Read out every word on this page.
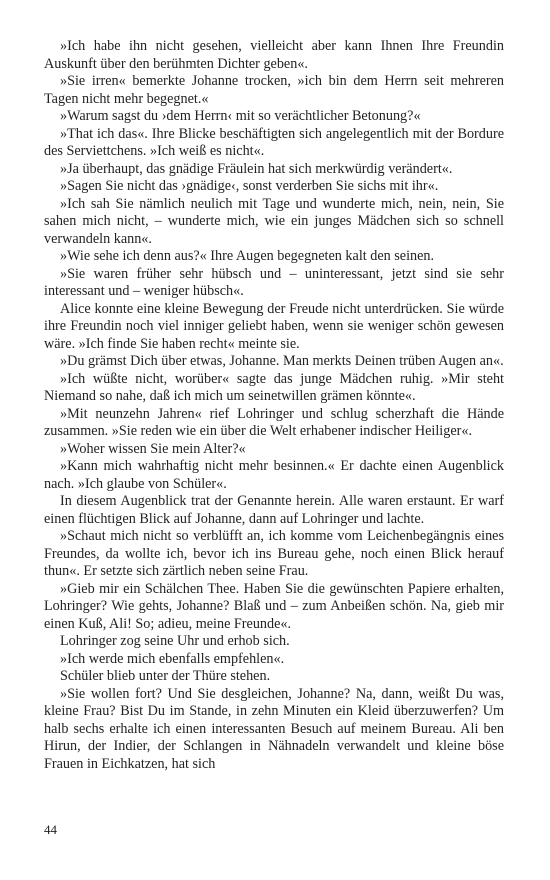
»Ich habe ihn nicht gesehen, vielleicht aber kann Ihnen Ihre Freundin Auskunft über den berühmten Dichter geben«.

»Sie irren« bemerkte Johanne trocken, »ich bin dem Herrn seit mehreren Tagen nicht mehr begegnet.«

»Warum sagst du ›dem Herrn‹ mit so verächtlicher Betonung?«

»That ich das«. Ihre Blicke beschäftigten sich angelegentlich mit der Bordure des Serviettchens. »Ich weiß es nicht«.

»Ja überhaupt, das gnädige Fräulein hat sich merkwürdig verändert«.

»Sagen Sie nicht das ›gnädige‹, sonst verderben Sie sichs mit ihr«.

»Ich sah Sie nämlich neulich mit Tage und wunderte mich, nein, nein, Sie sahen mich nicht, – wunderte mich, wie ein junges Mädchen sich so schnell verwandeln kann«.

»Wie sehe ich denn aus?« Ihre Augen begegneten kalt den seinen.

»Sie waren früher sehr hübsch und – uninteressant, jetzt sind sie sehr interessant und – weniger hübsch«.

Alice konnte eine kleine Bewegung der Freude nicht unterdrücken. Sie würde ihre Freundin noch viel inniger geliebt haben, wenn sie weniger schön gewesen wäre. »Ich finde Sie haben recht« meinte sie.

»Du grämst Dich über etwas, Johanne. Man merkts Deinen trüben Augen an«.

»Ich wüßte nicht, worüber« sagte das junge Mädchen ruhig. »Mir steht Niemand so nahe, daß ich mich um seinetwillen grämen könnte«.

»Mit neunzehn Jahren« rief Lohringer und schlug scherzhaft die Hände zusammen. »Sie reden wie ein über die Welt erhabener indischer Heiliger«.

»Woher wissen Sie mein Alter?«

»Kann mich wahrhaftig nicht mehr besinnen.« Er dachte einen Augenblick nach. »Ich glaube von Schüler«.

In diesem Augenblick trat der Genannte herein. Alle waren erstaunt. Er warf einen flüchtigen Blick auf Johanne, dann auf Lohringer und lachte.

»Schaut mich nicht so verblüfft an, ich komme vom Leichenbegängnis eines Freundes, da wollte ich, bevor ich ins Bureau gehe, noch einen Blick herauf thun«. Er setzte sich zärtlich neben seine Frau.

»Gieb mir ein Schälchen Thee. Haben Sie die gewünschten Papiere erhalten, Lohringer? Wie gehts, Johanne? Blaß und – zum Anbeißen schön. Na, gieb mir einen Kuß, Ali! So; adieu, meine Freunde«.

Lohringer zog seine Uhr und erhob sich.

»Ich werde mich ebenfalls empfehlen«.

Schüler blieb unter der Thüre stehen.

»Sie wollen fort? Und Sie desgleichen, Johanne? Na, dann, weißt Du was, kleine Frau? Bist Du im Stande, in zehn Minuten ein Kleid überzuwerfen? Um halb sechs erhalte ich einen interessanten Besuch auf meinem Bureau. Ali ben Hirun, der Indier, der Schlangen in Nähnadeln verwandelt und kleine böse Frauen in Eichkatzen, hat sich

44
